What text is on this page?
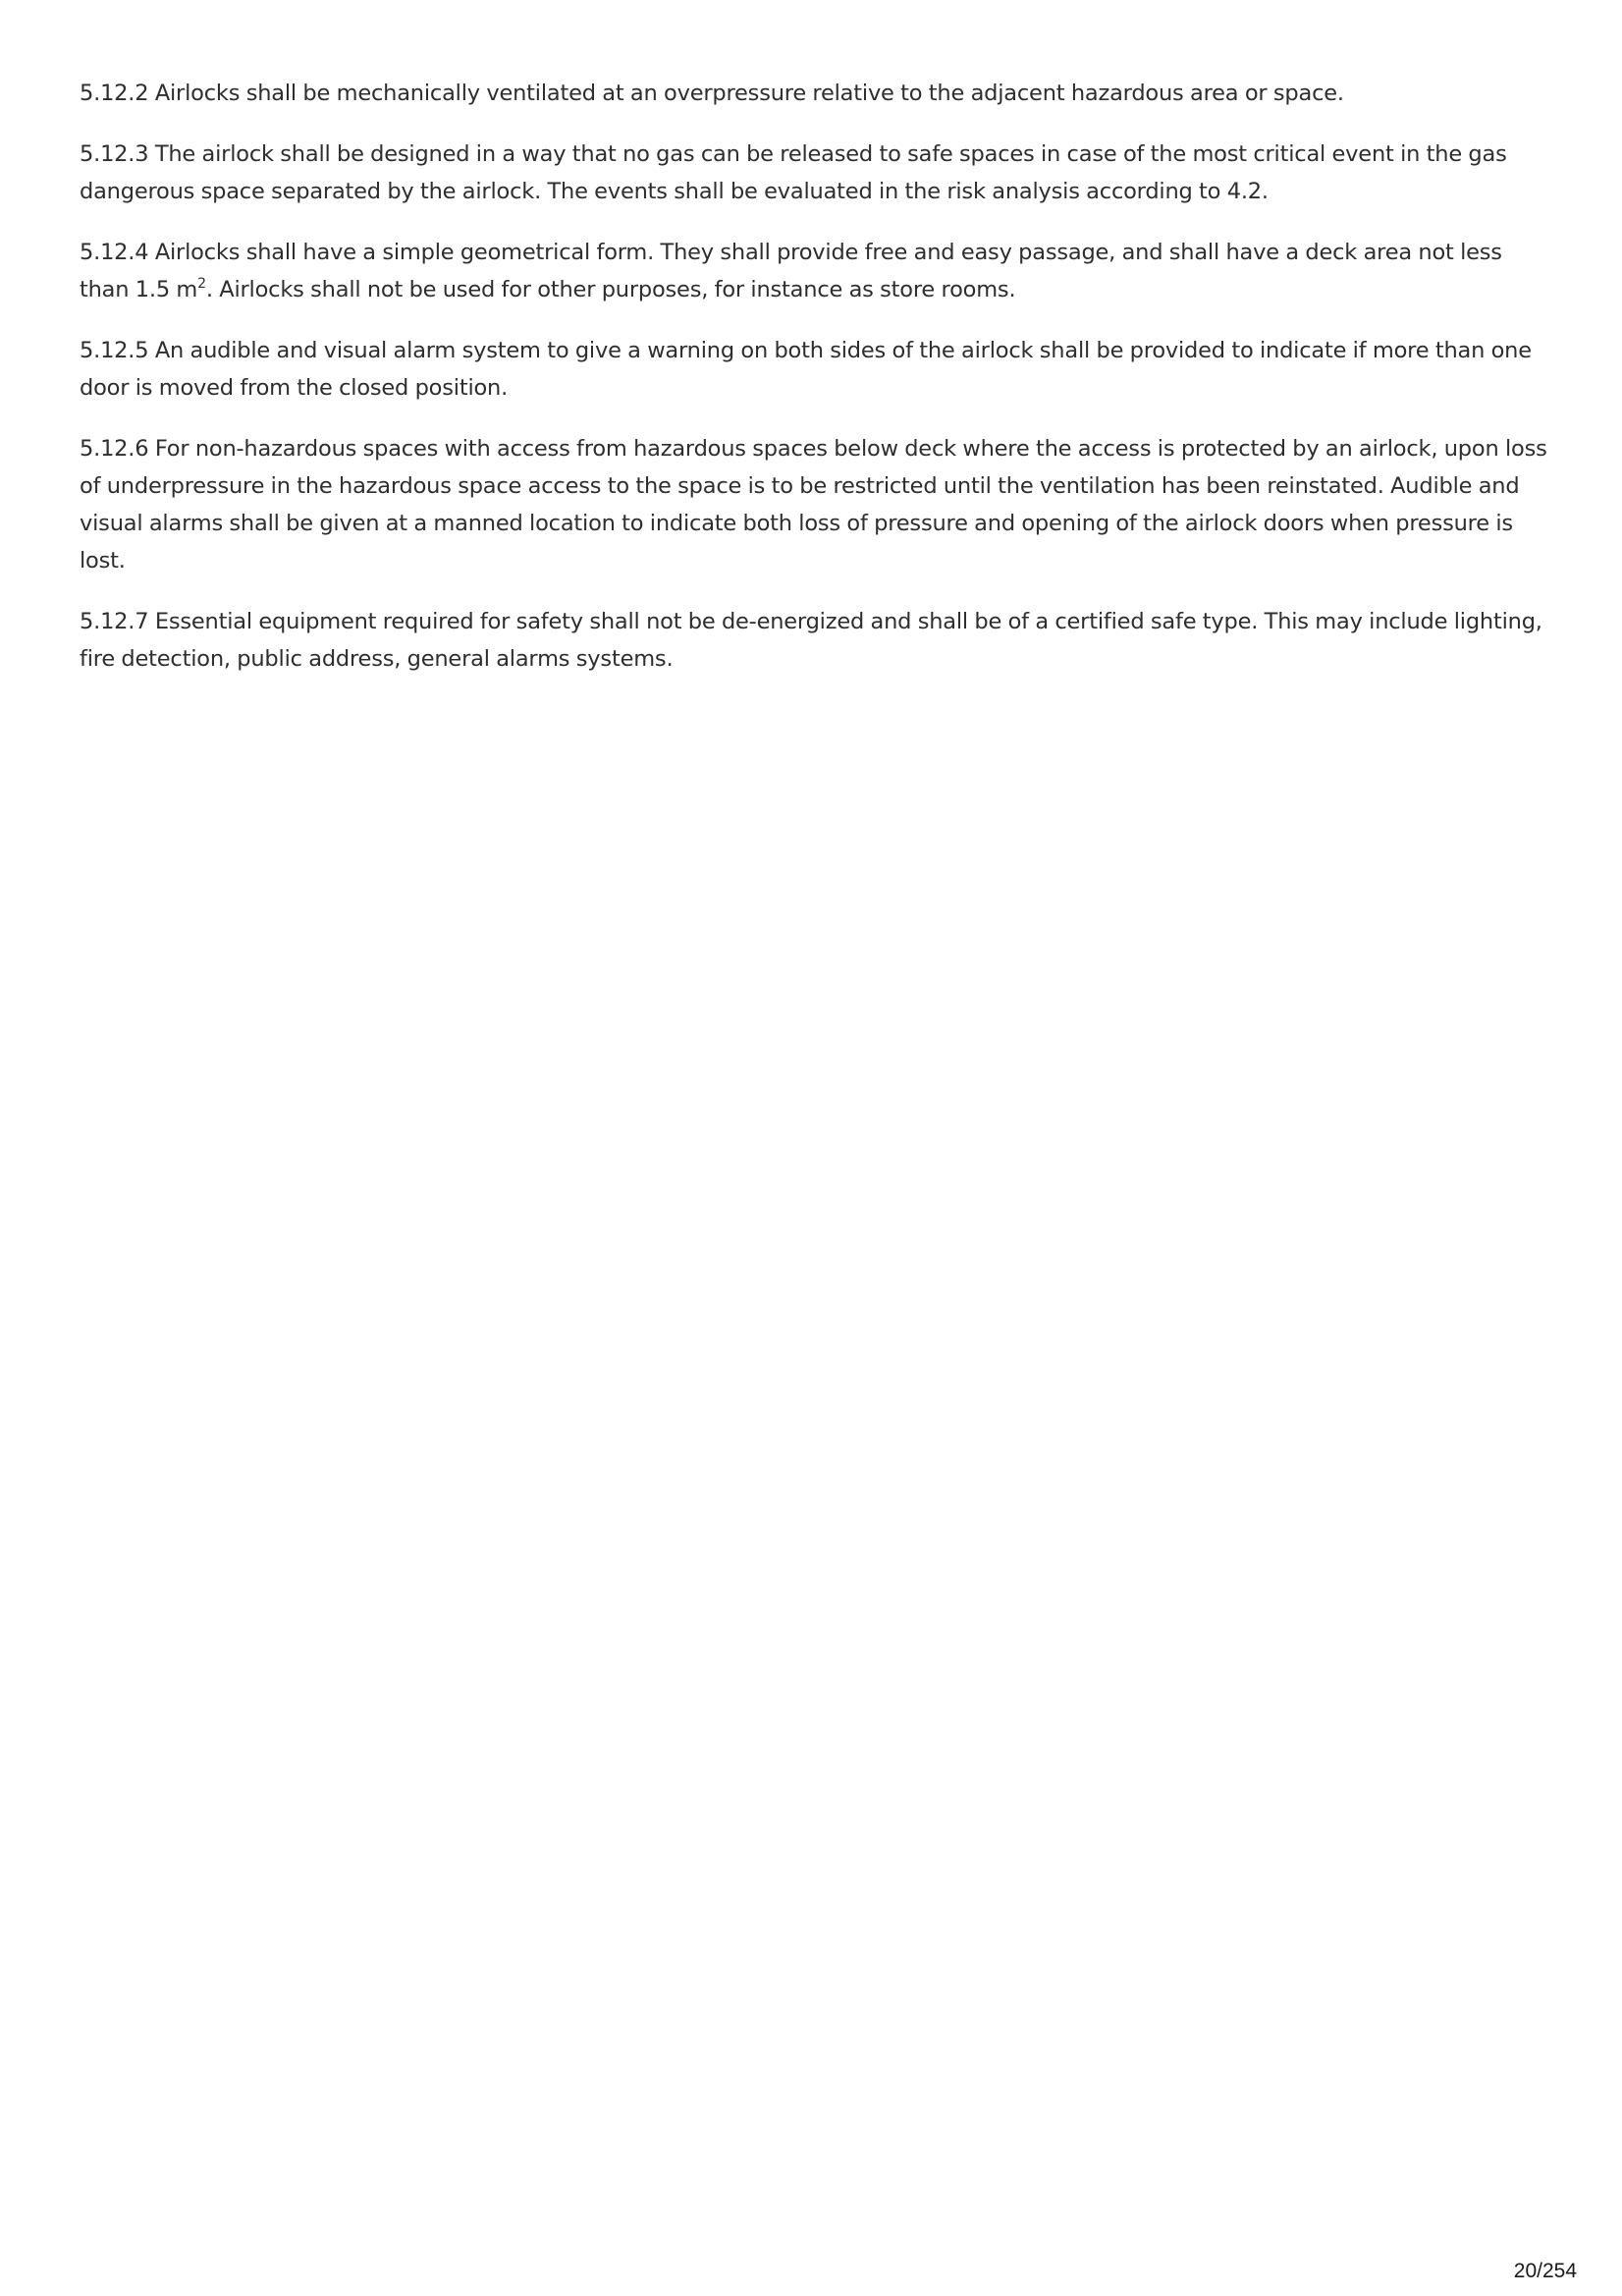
5.12.2 Airlocks shall be mechanically ventilated at an overpressure relative to the adjacent hazardous area or space.

5.12.3 The airlock shall be designed in a way that no gas can be released to safe spaces in case of the most critical event in the gas dangerous space separated by the airlock. The events shall be evaluated in the risk analysis according to 4.2.

5.12.4 Airlocks shall have a simple geometrical form. They shall provide free and easy passage, and shall have a deck area not less than 1.5 $m^2$. Airlocks shall not be used for other purposes, for instance as store rooms.

5.12.5 An audible and visual alarm system to give a warning on both sides of the airlock shall be provided to indicate if more than one door is moved from the closed position.

5.12.6 For non-hazardous spaces with access from hazardous spaces below deck where the access is protected by an airlock, upon loss of underpressure in the hazardous space access to the space is to be restricted until the ventilation has been reinstated. Audible and visual alarms shall be given at a manned location to indicate both loss of pressure and opening of the airlock doors when pressure is lost.

5.12.7 Essential equipment required for safety shall not be de-energized and shall be of a certified safe type. This may include lighting, fire detection, public address, general alarms systems.

20/254
